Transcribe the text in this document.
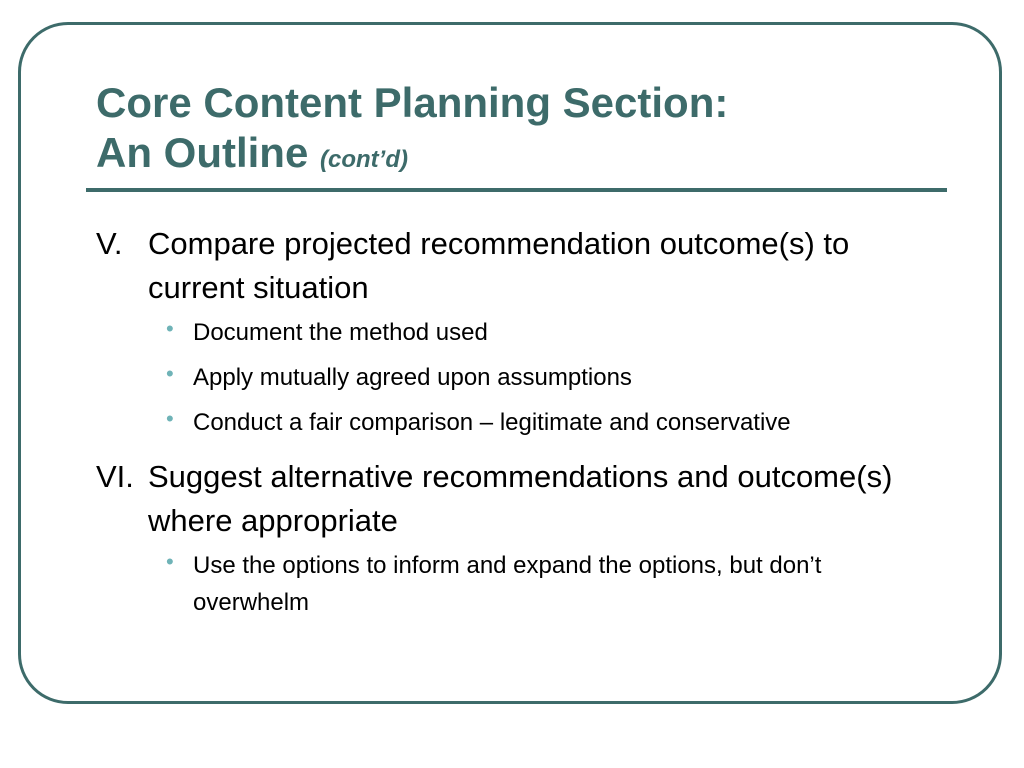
Core Content Planning Section:
An Outline (cont’d)
V. Compare projected recommendation outcome(s) to current situation
• Document the method used
• Apply mutually agreed upon assumptions
• Conduct a fair comparison – legitimate and conservative
VI. Suggest alternative recommendations and outcome(s) where appropriate
• Use the options to inform and expand the options, but don’t overwhelm
